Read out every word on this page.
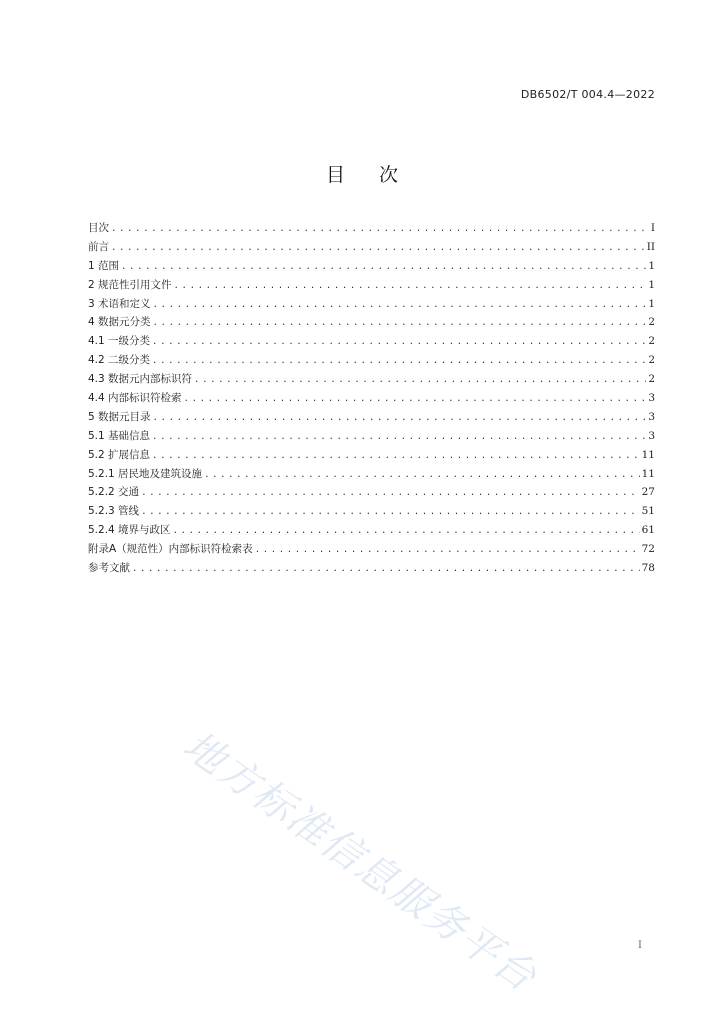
DB6502/T 004.4—2022
目 次
目次 .....	I
前言 .....	II
1 范围 .....	1
2 规范性引用文件 .....	1
3 术语和定义 .....	1
4 数据元分类 .....	2
4.1 一级分类 .....	2
4.2 二级分类 .....	2
4.3 数据元内部标识符 .....	2
4.4 内部标识符检索 .....	3
5 数据元目录 .....	3
5.1 基础信息 .....	3
5.2 扩展信息 .....	11
5.2.1 居民地及建筑设施 .....	11
5.2.2 交通 .....	27
5.2.3 管线 .....	51
5.2.4 境界与政区 .....	61
附录A（规范性）内部标识符检索表 .....	72
参考文献 .....	78
地方标准信息服务平台	I
